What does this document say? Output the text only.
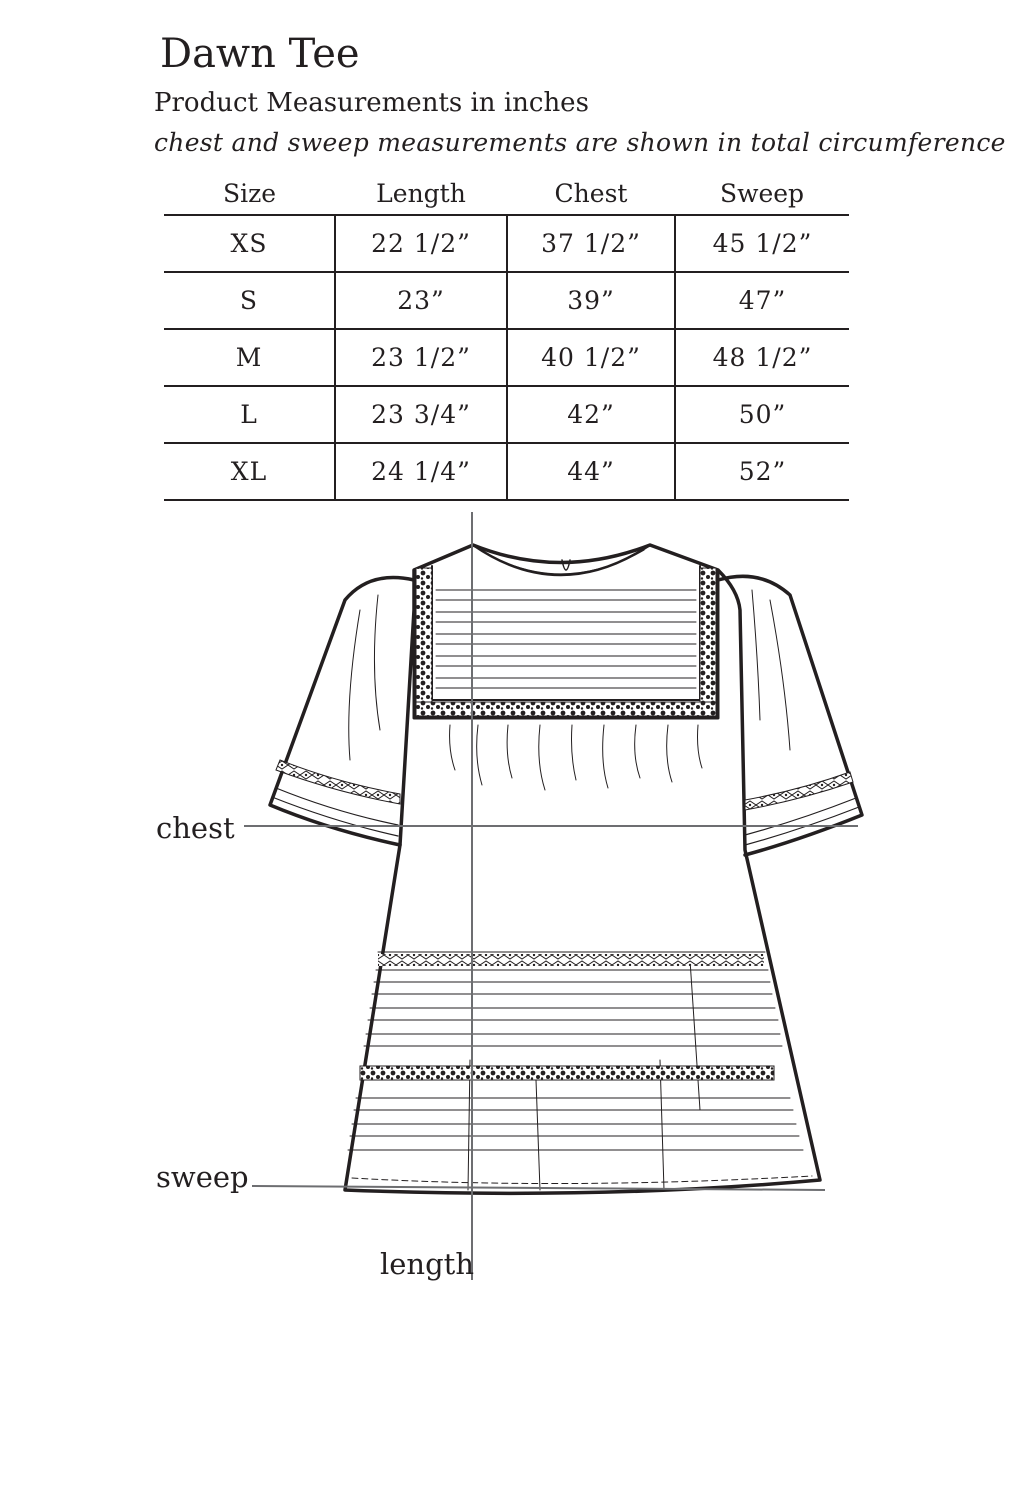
Dawn Tee
Product Measurements in inches
chest and sweep measurements are shown in total circumference
Size	Length	Chest	Sweep
XS	22 1/2”	37 1/2”	45 1/2”
S	23”	39”	47”
M	23 1/2”	40 1/2”	48 1/2”
L	23 3/4”	42”	50”
XL	24 1/4”	44”	52”
chest
sweep
length
